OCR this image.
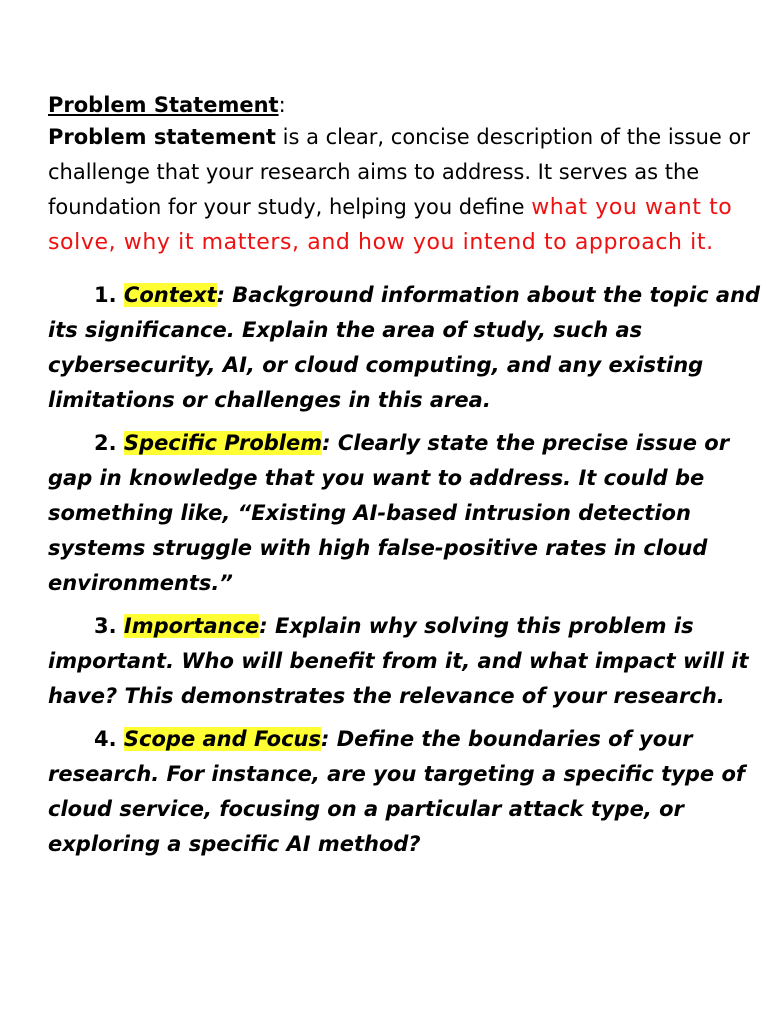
Problem Statement:

Problem statement is a clear, concise description of the issue or challenge that your research aims to address. It serves as the foundation for your study, helping you define what you want to solve, why it matters, and how you intend to approach it.

1. Context: Background information about the topic and its significance. Explain the area of study, such as cybersecurity, AI, or cloud computing, and any existing limitations or challenges in this area.

2. Specific Problem: Clearly state the precise issue or gap in knowledge that you want to address. It could be something like, “Existing AI-based intrusion detection systems struggle with high false-positive rates in cloud environments.”

3. Importance: Explain why solving this problem is important. Who will benefit from it, and what impact will it have? This demonstrates the relevance of your research.

4. Scope and Focus: Define the boundaries of your research. For instance, are you targeting a specific type of cloud service, focusing on a particular attack type, or exploring a specific AI method?
